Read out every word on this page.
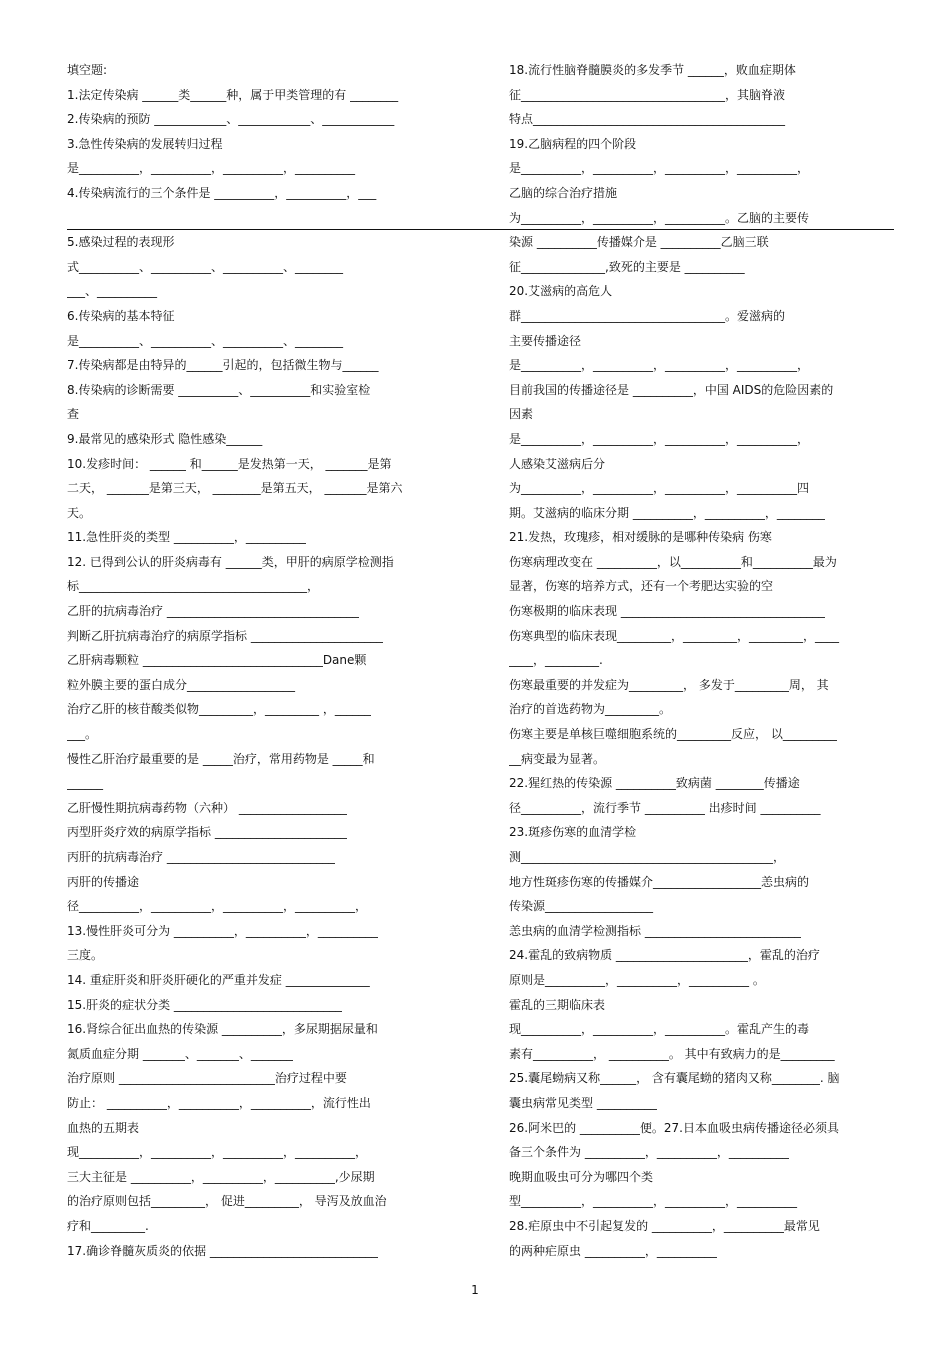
填空题:
1.法定传染病 ______类______种，属于甲类管理的有 ________
2.传染病的预防 ____________、____________、____________
3.急性传染病的发展转归过程
是__________，__________，__________，__________
4.传染病流行的三个条件是 __________，__________，___
5.感染过程的表现形
式__________、__________、__________、________
___、__________
6.传染病的基本特征
是__________、__________、__________、________
7.传染病都是由特异的______引起的，包括微生物与______
8.传染病的诊断需要 __________、__________和实验室检
查
9.最常见的感染形式 隐性感染______
10.发疹时间： ______ 和______是发热第一天， _______是第
二天， _______是第三天， ________是第五天， _______是第六
天。
11.急性肝炎的类型 __________，__________
12. 已得到公认的肝炎病毒有 ______类，甲肝的病原学检测指
标______________________________________，
乙肝的抗病毒治疗 ________________________________
判断乙肝抗病毒治疗的病原学指标 ______________________
乙肝病毒颗粒 ______________________________Dane颗
粒外膜主要的蛋白成分__________________
治疗乙肝的核苷酸类似物_________，_________ ，______
___。
慢性乙肝治疗最重要的是 _____治疗，常用药物是 _____和
______
乙肝慢性期抗病毒药物（六种） __________________
丙型肝炎疗效的病原学指标 ______________________
丙肝的抗病毒治疗 ____________________________
丙肝的传播途
径__________，__________，__________，__________，
13.慢性肝炎可分为 __________，__________，__________
三度。
14. 重症肝炎和肝炎肝硬化的严重并发症 ______________
15.肝炎的症状分类 ____________________________
16.肾综合征出血热的传染源 __________，多尿期据尿量和
氮质血症分期 _______、_______、_______
治疗原则 __________________________治疗过程中要
防止： __________，__________，__________，流行性出
血热的五期表
现__________，__________，__________，__________，
三大主征是 __________，__________，__________,少尿期
的治疗原则包括_________， 促进_________， 导泻及放血治
疗和_________.
17.确诊脊髓灰质炎的依据 ____________________________
18.流行性脑脊髓膜炎的多发季节 ______，败血症期体
征__________________________________，其脑脊液
特点__________________________________________
19.乙脑病程的四个阶段
是__________，__________，__________，__________，
乙脑的综合治疗措施
为__________，__________，__________。乙脑的主要传
染源 __________传播媒介是 __________乙脑三联
征______________,致死的主要是 __________
20.艾滋病的高危人
群__________________________________。爱滋病的
主要传播途径
是__________，__________，__________，__________，
目前我国的传播途径是 __________，中国 AIDS的危险因素的
因素
是__________，__________，__________，__________，
人感染艾滋病后分
为__________，__________，__________，__________四
期。艾滋病的临床分期 __________，__________，________
21.发热，玫瑰疹，相对缓脉的是哪种传染病 伤寒
伤寒病理改变在 __________，以__________和__________最为
显著，伤寒的培养方式，还有一个考肥达实验的空
伤寒极期的临床表现 __________________________________
伤寒典型的临床表现_________，_________，_________，____
____，_________.
伤寒最重要的并发症为_________， 多发于_________周， 其
治疗的首选药物为_________。
伤寒主要是单核巨噬细胞系统的_________反应， 以_________
__病变最为显著。
22.猩红热的传染源 __________致病菌 ________传播途
径__________，流行季节 __________ 出疹时间 __________
23.斑疹伤寒的血清学检
测__________________________________________，
地方性斑疹伤寒的传播媒介__________________恙虫病的
传染源__________________
恙虫病的血清学检测指标 __________________________
24.霍乱的致病物质 ______________________，霍乱的治疗
原则是__________，__________，__________ 。
霍乱的三期临床表
现__________，__________，__________。霍乱产生的毒
素有__________， __________。 其中有致病力的是_________
25.囊尾蚴病又称______， 含有囊尾蚴的猪肉又称________. 脑
囊虫病常见类型 __________
26.阿米巴的 __________便。27.日本血吸虫病传播途径必须具
备三个条件为 __________，__________，__________
晚期血吸虫可分为哪四个类
型__________，__________，__________，__________
28.疟原虫中不引起复发的 __________，__________最常见
的两种疟原虫 __________，__________
1
